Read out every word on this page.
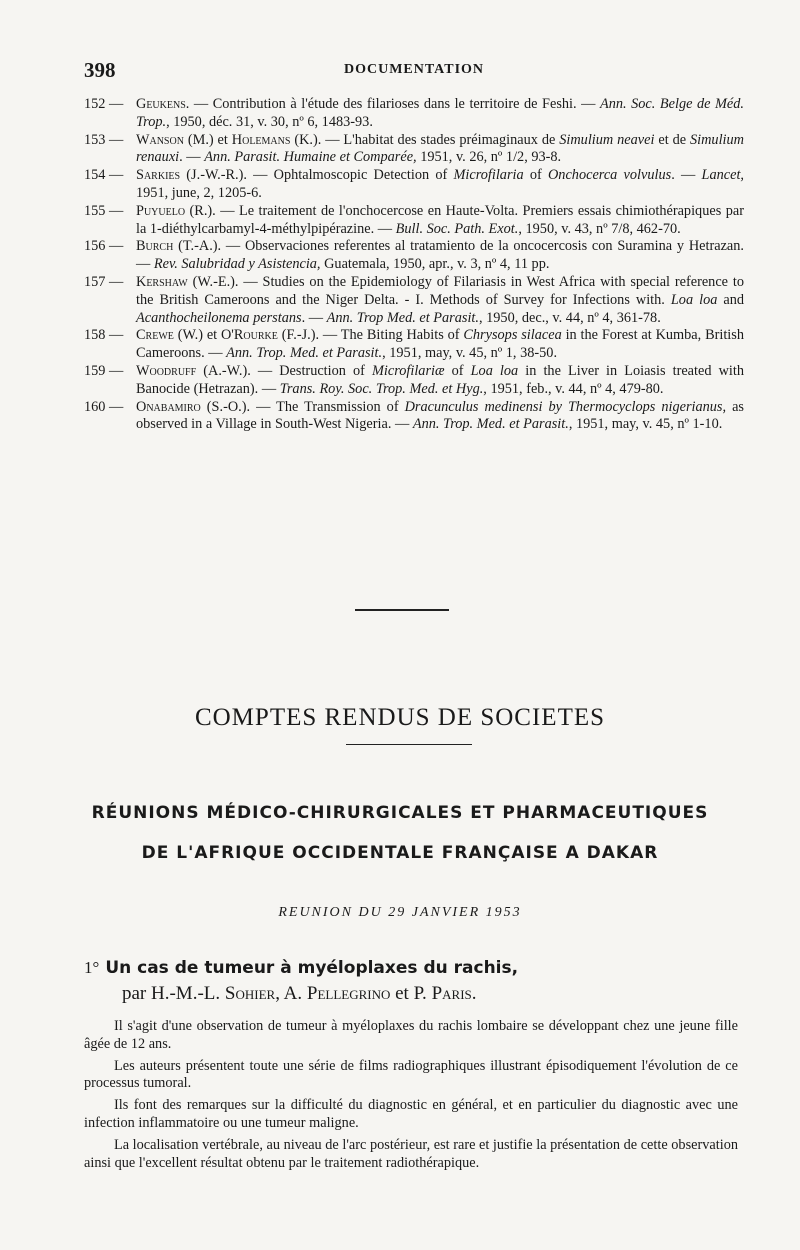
398	DOCUMENTATION
152 — Geukens. — Contribution à l'étude des filarioses dans le territoire de Feshi. — Ann. Soc. Belge de Méd. Trop., 1950, déc. 31, v. 30, nº 6, 1483-93.
153 — Wanson (M.) et Holemans (K.). — L'habitat des stades préimaginaux de Simulium neavei et de Simulium renauxi. — Ann. Parasit. Humaine et Comparée, 1951, v. 26, nº 1/2, 93-8.
154 — Sarkies (J.-W.-R.). — Ophtalmoscopic Detection of Microfilaria of Onchocerca volvulus. — Lancet, 1951, june, 2, 1205-6.
155 — Puyuelo (R.). — Le traitement de l'onchocercose en Haute-Volta. Premiers essais chimiothérapiques par la 1-diéthylcarbamyl-4-méthylpipérazine. — Bull. Soc. Path. Exot., 1950, v. 43, nº 7/8, 462-70.
156 — Burch (T.-A.). — Observaciones referentes al tratamiento de la oncocercosis con Suramina y Hetrazan. — Rev. Salubridad y Asistencia, Guatemala, 1950, apr., v. 3, nº 4, 11 pp.
157 — Kershaw (W.-E.). — Studies on the Epidemiology of Filariasis in West Africa with special reference to the British Cameroons and the Niger Delta. - I. Methods of Survey for Infections with. Loa loa and Acanthocheilonema perstans. — Ann. Trop Med. et Parasit., 1950, dec., v. 44, nº 4, 361-78.
158 — Crewe (W.) et O'Rourke (F.-J.). — The Biting Habits of Chrysops silacea in the Forest at Kumba, British Cameroons. — Ann. Trop. Med. et Parasit., 1951, may, v. 45, nº 1, 38-50.
159 — Woodruff (A.-W.). — Destruction of Microfilariæ of Loa loa in the Liver in Loiasis treated with Banocide (Hetrazan). — Trans. Roy. Soc. Trop. Med. et Hyg., 1951, feb., v. 44, nº 4, 479-80.
160 — Onabamiro (S.-O.). — The Transmission of Dracunculus medinensi by Thermocyclops nigerianus, as observed in a Village in South-West Nigeria. — Ann. Trop. Med. et Parasit., 1951, may, v. 45, nº 1-10.
COMPTES RENDUS DE SOCIETES
RÉUNIONS MÉDICO-CHIRURGICALES ET PHARMACEUTIQUES
DE L'AFRIQUE OCCIDENTALE FRANÇAISE A DAKAR
REUNION DU 29 JANVIER 1953
1° Un cas de tumeur à myéloplaxes du rachis,
par H.-M.-L. Sohier, A. Pellegrino et P. Paris.

Il s'agit d'une observation de tumeur à myéloplaxes du rachis lombaire se développant chez une jeune fille âgée de 12 ans.

Les auteurs présentent toute une série de films radiographiques illustrant épisodiquement l'évolution de ce processus tumoral.

Ils font des remarques sur la difficulté du diagnostic en général, et en particulier du diagnostic avec une infection inflammatoire ou une tumeur maligne.

La localisation vertébrale, au niveau de l'arc postérieur, est rare et justifie la présentation de cette observation ainsi que l'excellent résultat obtenu par le traitement radiothérapique.
